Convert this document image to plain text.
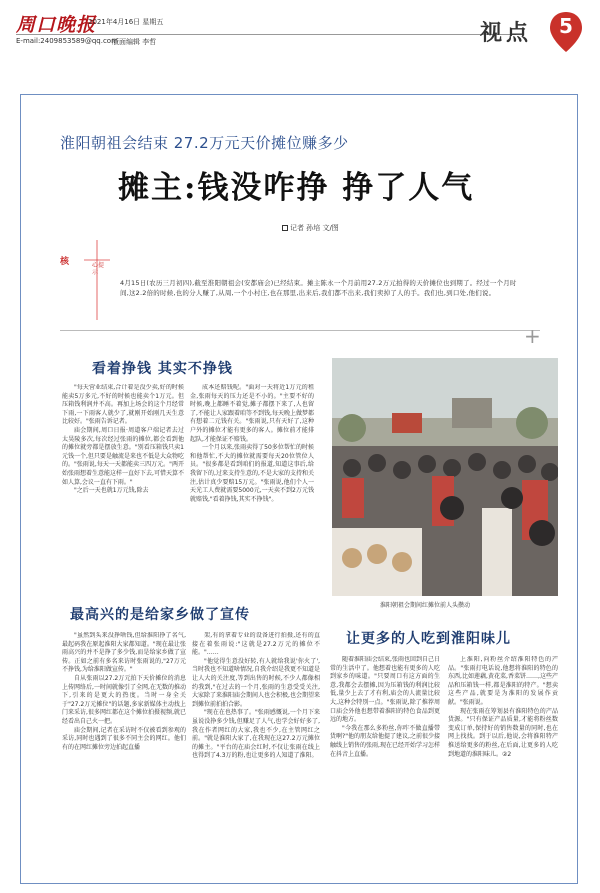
周口晚报
2021年4月16日 星期五
E-mail:2409853589@qq.com
版面编辑 李哲	视点	5
淮阳朝祖会结束 27.2万元天价摊位赚多少
摊主:钱没咋挣 挣了人气
记者 孙培 文/图
核	心提示
4月15日(农历三月初四),截至淮阳朝祖会(安都庙会)已经结束。摊主陈永一个月前用27.2万元拍得的天价摊位也到期了。经过一个月时间,这2.2倍的时候,也的分人赚了,从周,一个小村庄,也在那里,出来后,我们都不出来,我们卖掉了人的手。我们也,到口处,他们说。
+
看着挣钱 其实不挣钱

"每天营业结束,合计着是没少卖,好的时候能卖5万多元,不好的时候也能卖个1万元。但压箱钱利润并不高。再加上场会的这个月经常下雨,一下雨客人就少了,就刚开始刚几天生意比较好。"张雨告诉记者。

庙会期间,周口日报·周道客户端记者去过太昊陵多次,每次经过张雨的摊位,都会看到他的摊位就旁都是摆放生意。"别看压箱钱只卖1元钱一个,但只要是触流是来也不低是大众物吃的。"张雨说,每天一天都能卖三四万元。"两开始张雨想着生意能这样一直好下去,可惜天算不如人算,会议一直有下雨。"

"之后一天也就1万元钱,除去

成本还赔钱呢。"面对一天将近1万元的租金,张雨每天的压力还是不小的。"主要不好的时候,晚上都睡不着觉,摊子都摆下来了,人也留了,不能让人家跟着咱等不到钱,每天晚上做梦都有想着二元钱有关。"张雨说,只有天好了,这种户外的摊位才能有更多的客人。摊位前才能排起队,才能保证不赔钱。

一个月以来,张雨卖得了50多位帮忙的时候和他帮忙,不大的摊位就需要每天20位管位人员。"很多都是看到咱们的报道,知道这事后,给我留下的,过来支持生意的,不是大家的支持和关注,估计真少要赔15万元。"张雨说,他们个人一天光工人费就需要5000元,一天卖不到2万元钱就赔钱,"看着挣钱,其实不挣钱"。

淮阳朝祖会期间红摊位前人头攒动
最高兴的是给家乡做了宣传

"虽然到头来没挣啥钱,但给淮阳挣了名气,最起码我在原起淮阳大家都知道。"现在最让张雨高兴的并不是挣了多少钱,而是给家乡做了宣传。正如之前有多名来访时张雨说的,"27万元不挣钱,为给淮阳做宣传。"

自从张雨以27.2万元拍下天价摊位的消息上传网络后,一时间就像引了全网,在无数的推动下,引来的是更大的热度。当时一身全关于"27.2万元摊位"的话题,多家新媒体主动找上门来采访,很多网红都在这个摊位拍摄视频,就已经看出自己火一把。

庙会期间,记者在采访时不仅被看到参观的采访,同时也遇到了很多不同主会的网红。他们有的在网红摊位旁边拍起直播

架,有的拿着专业的设备进行拍摄,还有的直接在着张雨说:"这就是27.2万元的摊位不能。"……

"他觉得生意没好转,有人就给我说'你火了',当时我也不知道啥情况,自我介绍是我更不知道是让人大的关注度,等到出售的时候,不少人都像相约我到,"在过去的一个月,张雨的生意受受关注,大家除了来淮阳庙会期间人也会积极,也会期望来到摊位前拍拍合影。

"现在在也热事了。"张雨感慨说,一个月下来虽说没挣多少钱,但赚足了人气,也学会好好多了,我在作者网红的大家,我也不少,在主管网红之前。"就是淮阳大家了,在我现在这27.2万元摊位的摊主。"平台的在庙会红时,不仅让张雨在线上也得到了4.3万的粉,也让更多的人知道了淮阳。

让更多的人吃到淮阳味儿

随着淮阳庙会结束,张雨也回到自己日常的生活中了。他想着也能有更多的人吃到家乡的味道。"只要周口有这方面的生意,我都会去摆摊,因为压箱钱的利润比较低,量少上去了才有利,庙会的人流量比较大,这种会特别一点。"张雨说,除了推荐周口庙会外他也想带着淮阳的特色食品到更远的地方。

"今我在那么多粉丝,你咋不做直播带货啊?"他的朋友给他提了建议,之前很少接触线上销售的张雨,现在已经开始学习怎样在抖音上直播。

上淮阳,向粉丝介绍淮阳特色的产品。"张雨打电话说,他想将淮阳的特色的东西,比如莲藕,黄花菜,香菜饼……,这些产品和压箱钱一样,都是淮阳的特产。"想卖这些产品,就要是为淮阳的发展作贡献。"张雨说。

现在张雨在筹划县有淮阳特色的产品货源。"只有保证产品质量,才能将粉丝数变成订单,保持好的销售数量的同时,也在网上找找。到于以后,他说,会将淮阳特产推送给更多的粉丝,在后面,让更多的人吃到地道的淮阳味儿。②2
